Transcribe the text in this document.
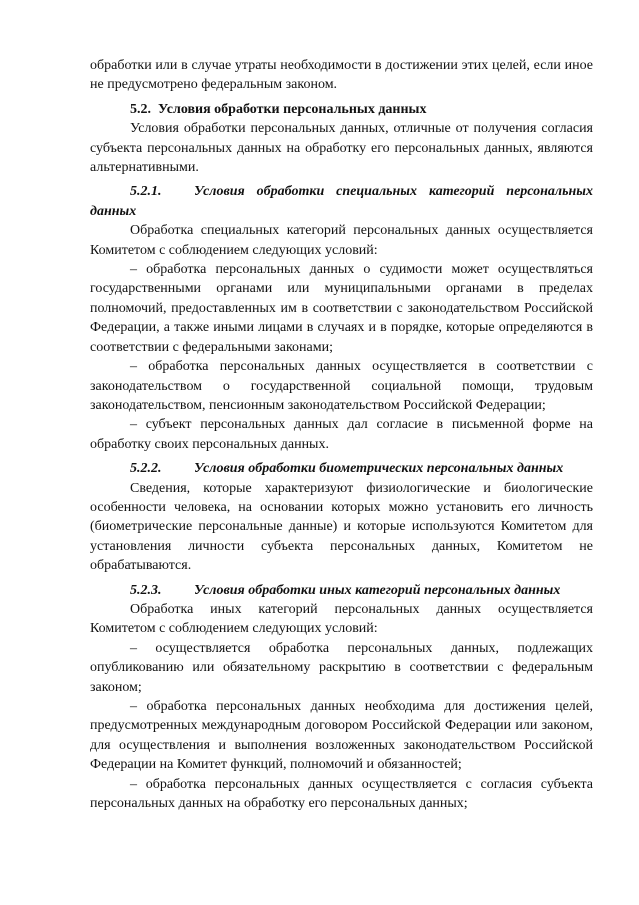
обработки или в случае утраты необходимости в достижении этих целей, если иное не предусмотрено федеральным законом.

5.2. Условия обработки персональных данных

Условия обработки персональных данных, отличные от получения согласия субъекта персональных данных на обработку его персональных данных, являются альтернативными.

5.2.1. Условия обработки специальных категорий персональных данных

Обработка специальных категорий персональных данных осуществляется Комитетом с соблюдением следующих условий:

– обработка персональных данных о судимости может осуществляться государственными органами или муниципальными органами в пределах полномочий, предоставленных им в соответствии с законодательством Российской Федерации, а также иными лицами в случаях и в порядке, которые определяются в соответствии с федеральными законами;

– обработка персональных данных осуществляется в соответствии с законодательством о государственной социальной помощи, трудовым законодательством, пенсионным законодательством Российской Федерации;

– субъект персональных данных дал согласие в письменной форме на обработку своих персональных данных.

5.2.2.	Условия обработки биометрических персональных данных

Сведения, которые характеризуют физиологические и биологические особенности человека, на основании которых можно установить его личность (биометрические персональные данные) и которые используются Комитетом для установления личности субъекта персональных данных, Комитетом не обрабатываются.

5.2.3.	Условия обработки иных категорий персональных данных

Обработка иных категорий персональных данных осуществляется Комитетом с соблюдением следующих условий:

– осуществляется обработка персональных данных, подлежащих опубликованию или обязательному раскрытию в соответствии с федеральным законом;

– обработка персональных данных необходима для достижения целей, предусмотренных международным договором Российской Федерации или законом, для осуществления и выполнения возложенных законодательством Российской Федерации на Комитет функций, полномочий и обязанностей;

– обработка персональных данных осуществляется с согласия субъекта персональных данных на обработку его персональных данных;
